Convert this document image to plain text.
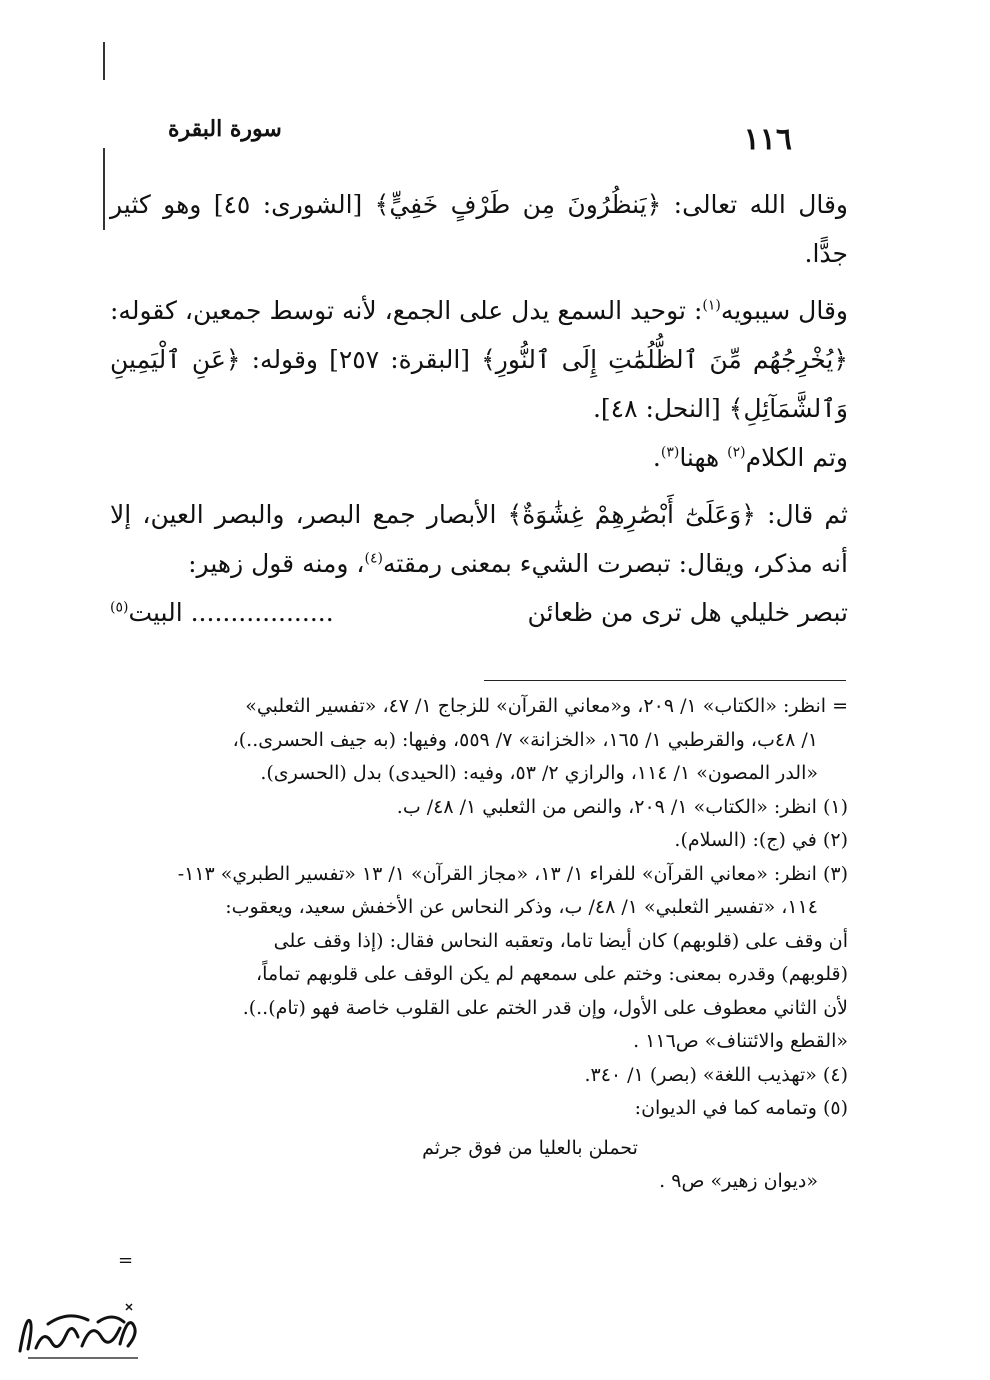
١١٦
سورة البقرة

وقال الله تعالى: ﴿يَنظُرُونَ مِن طَرْفٍ خَفِيٍّ﴾ [الشورى: ٤٥] وهو كثير جدًّا.

وقال سيبويه$^{(١)}$: توحيد السمع يدل على الجمع، لأنه توسط جمعين، كقوله: ﴿يُخْرِجُهُم مِّنَ ٱلظُّلُمَٰتِ إِلَى ٱلنُّورِ﴾ [البقرة: ٢٥٧] وقوله: ﴿عَنِ ٱلْيَمِينِ وَٱلشَّمَآئِلِ﴾ [النحل: ٤٨].

وتم الكلام$^{(٢)}$ ههنا$^{(٣)}$.

ثم قال: ﴿وَعَلَىٰٓ أَبْصَٰرِهِمْ غِشَٰوَةٌ﴾ الأبصار جمع البصر، والبصر العين، إلا أنه مذكر، ويقال: تبصرت الشيء بمعنى رمقته$^{(٤)}$، ومنه قول زهير:

تبصر خليلي هل ترى من ظعائن
.................. البيت$^{(٥)}$

= انظر: «الكتاب» ١/ ٢٠٩، و«معاني القرآن» للزجاج ١/ ٤٧، «تفسير الثعلبي»

١/ ٤٨ب، والقرطبي ١/ ١٦٥، «الخزانة» ٧/ ٥٥٩، وفيها: (به جيف الحسرى..)،

«الدر المصون» ١/ ١١٤، والرازي ٢/ ٥٣، وفيه: (الحيدى) بدل (الحسرى).

(١) انظر: «الكتاب» ١/ ٢٠٩، والنص من الثعلبي ١/ ٤٨/ ب.

(٢) في (ج): (السلام).

(٣) انظر: «معاني القرآن» للفراء ١/ ١٣، «مجاز القرآن» ١/ ١٣ «تفسير الطبري» ١١٣-

١١٤، «تفسير الثعلبي» ١/ ٤٨/ ب، وذكر النحاس عن الأخفش سعيد، ويعقوب:

أن وقف على (قلوبهم) كان أيضا تاما، وتعقبه النحاس فقال: (إذا وقف على

(قلوبهم) وقدره بمعنى: وختم على سمعهم لم يكن الوقف على قلوبهم تماماً،

لأن الثاني معطوف على الأول، وإن قدر الختم على القلوب خاصة فهو (تام)..).

«القطع والائتناف» ص١١٦ .

(٤) «تهذيب اللغة» (بصر) ١/ ٣٤٠.

(٥) وتمامه كما في الديوان:

تحملن بالعليا من فوق جرثم

«ديوان زهير» ص٩ .

=
